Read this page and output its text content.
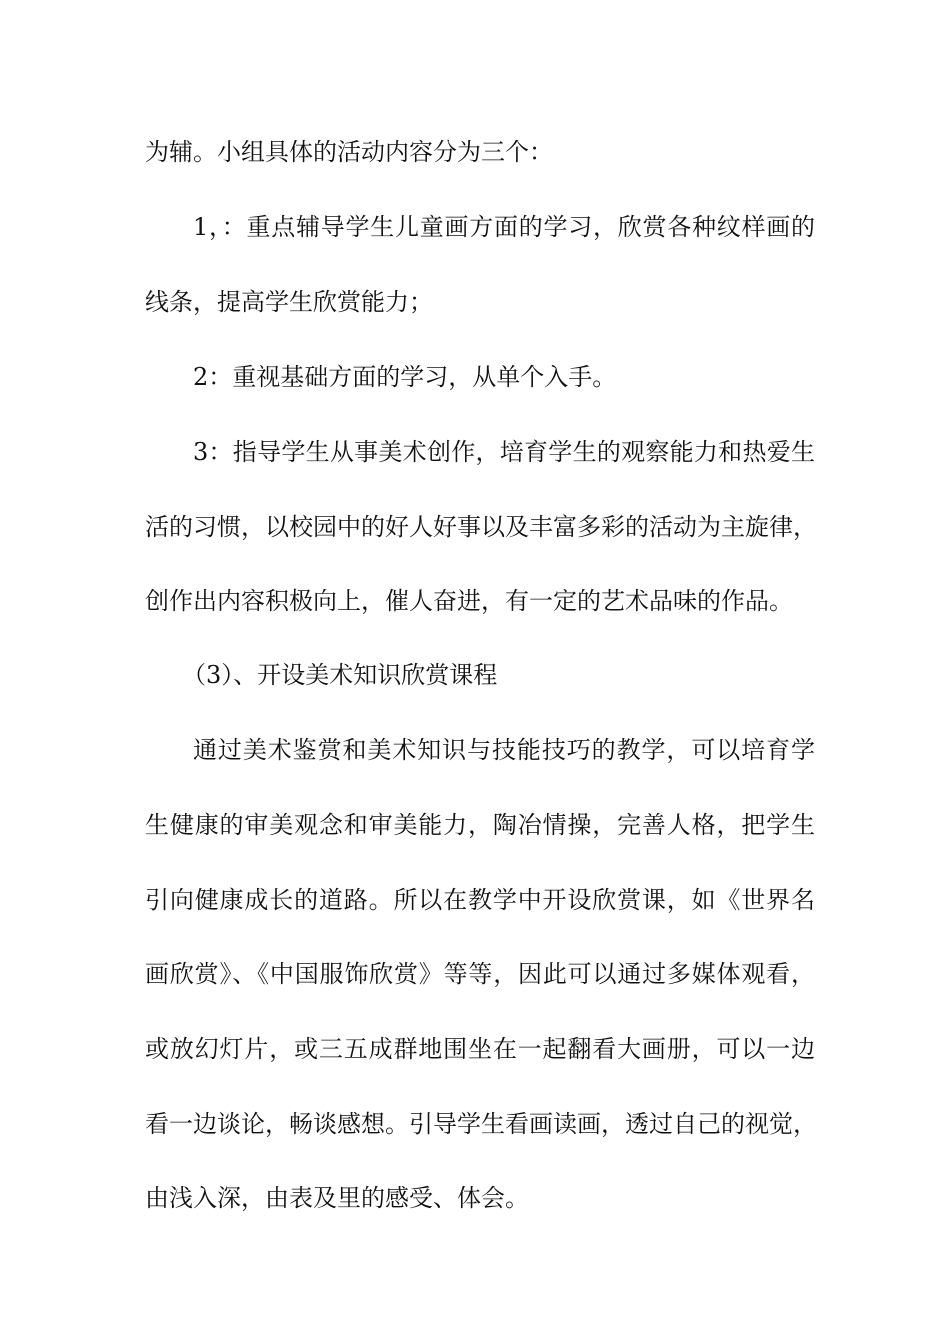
为辅。小组具体的活动内容分为三个：
1，：重点辅导学生儿童画方面的学习，欣赏各种纹样画的
线条，提高学生欣赏能力；
2：重视基础方面的学习，从单个入手。
3：指导学生从事美术创作，培育学生的观察能力和热爱生
活的习惯，以校园中的好人好事以及丰富多彩的活动为主旋律，
创作出内容积极向上，催人奋进，有一定的艺术品味的作品。
（3）、开设美术知识欣赏课程
通过美术鉴赏和美术知识与技能技巧的教学，可以培育学
生健康的审美观念和审美能力，陶冶情操，完善人格，把学生
引向健康成长的道路。所以在教学中开设欣赏课，如《世界名
画欣赏》、《中国服饰欣赏》等等，因此可以通过多媒体观看，
或放幻灯片，或三五成群地围坐在一起翻看大画册，可以一边
看一边谈论，畅谈感想。引导学生看画读画，透过自己的视觉，
由浅入深，由表及里的感受、体会。
